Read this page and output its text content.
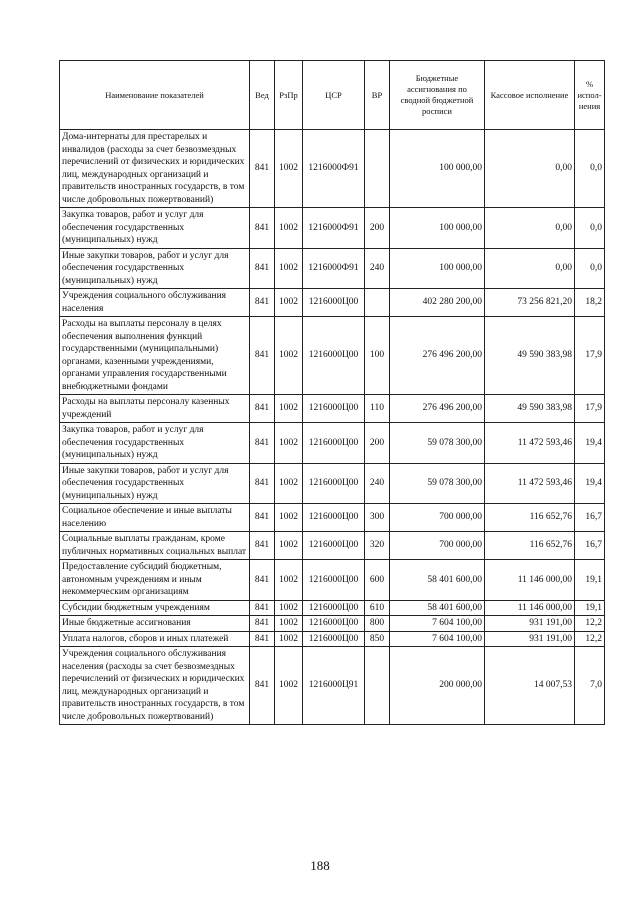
Наименование показателей	Вед	РзПр	ЦСР	ВР	Бюджетные ассигнования по сводной бюджетной росписи	Кассовое исполнение	% испол-нения
Дома-интернаты для престарелых и инвалидов (расходы за счет безвозмездных перечислений от физических и юридических лиц, международных организаций и правительств иностранных государств, в том числе добровольных пожертвований)	841	1002	1216000Ф91		100 000,00	0,00	0,0
Закупка товаров, работ и услуг для обеспечения государственных (муниципальных) нужд	841	1002	1216000Ф91	200	100 000,00	0,00	0,0
Иные закупки товаров, работ и услуг для обеспечения государственных (муниципальных) нужд	841	1002	1216000Ф91	240	100 000,00	0,00	0,0
Учреждения социального обслуживания населения	841	1002	1216000Ц00		402 280 200,00	73 256 821,20	18,2
Расходы на выплаты персоналу в целях обеспечения выполнения функций государственными (муниципальными) органами, казенными учреждениями, органами управления государственными внебюджетными фондами	841	1002	1216000Ц00	100	276 496 200,00	49 590 383,98	17,9
Расходы на выплаты персоналу казенных учреждений	841	1002	1216000Ц00	110	276 496 200,00	49 590 383,98	17,9
Закупка товаров, работ и услуг для обеспечения государственных (муниципальных) нужд	841	1002	1216000Ц00	200	59 078 300,00	11 472 593,46	19,4
Иные закупки товаров, работ и услуг для обеспечения государственных (муниципальных) нужд	841	1002	1216000Ц00	240	59 078 300,00	11 472 593,46	19,4
Социальное обеспечение и иные выплаты населению	841	1002	1216000Ц00	300	700 000,00	116 652,76	16,7
Социальные выплаты гражданам, кроме публичных нормативных социальных выплат	841	1002	1216000Ц00	320	700 000,00	116 652,76	16,7
Предоставление субсидий бюджетным, автономным учреждениям и иным некоммерческим организациям	841	1002	1216000Ц00	600	58 401 600,00	11 146 000,00	19,1
Субсидии бюджетным учреждениям	841	1002	1216000Ц00	610	58 401 600,00	11 146 000,00	19,1
Иные бюджетные ассигнования	841	1002	1216000Ц00	800	7 604 100,00	931 191,00	12,2
Уплата налогов, сборов и иных платежей	841	1002	1216000Ц00	850	7 604 100,00	931 191,00	12,2
Учреждения социального обслуживания населения (расходы за счет безвозмездных перечислений от физических и юридических лиц, международных организаций и правительств иностранных государств, в том числе добровольных пожертвований)	841	1002	1216000Ц91		200 000,00	14 007,53	7,0
188
